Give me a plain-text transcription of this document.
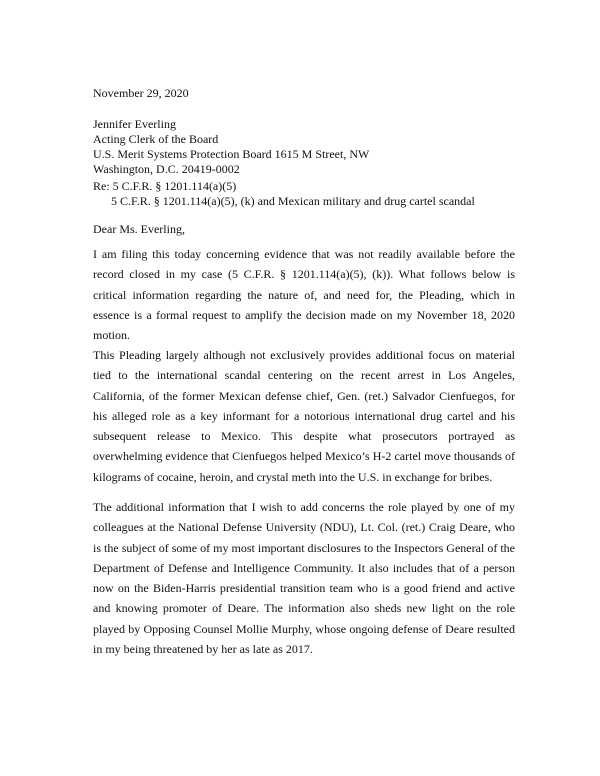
November 29, 2020
Jennifer Everling
Acting Clerk of the Board
U.S. Merit Systems Protection Board 1615 M Street, NW
Washington, D.C. 20419-0002
Re: 5 C.F.R. § 1201.114(a)(5)
5 C.F.R. § 1201.114(a)(5), (k) and Mexican military and drug cartel scandal
Dear Ms. Everling,
I am filing this today concerning evidence that was not readily available before the record closed in my case (5 C.F.R. § 1201.114(a)(5), (k)). What follows below is critical information regarding the nature of, and need for, the Pleading, which in essence is a formal request to amplify the decision made on my November 18, 2020 motion.
This Pleading largely although not exclusively provides additional focus on material tied to the international scandal centering on the recent arrest in Los Angeles, California, of the former Mexican defense chief, Gen. (ret.) Salvador Cienfuegos, for his alleged role as a key informant for a notorious international drug cartel and his subsequent release to Mexico. This despite what prosecutors portrayed as overwhelming evidence that Cienfuegos helped Mexico’s H-2 cartel move thousands of kilograms of cocaine, heroin, and crystal meth into the U.S. in exchange for bribes.
The additional information that I wish to add concerns the role played by one of my colleagues at the National Defense University (NDU), Lt. Col. (ret.) Craig Deare, who is the subject of some of my most important disclosures to the Inspectors General of the Department of Defense and Intelligence Community. It also includes that of a person now on the Biden-Harris presidential transition team who is a good friend and active and knowing promoter of Deare. The information also sheds new light on the role played by Opposing Counsel Mollie Murphy, whose ongoing defense of Deare resulted in my being threatened by her as late as 2017.
